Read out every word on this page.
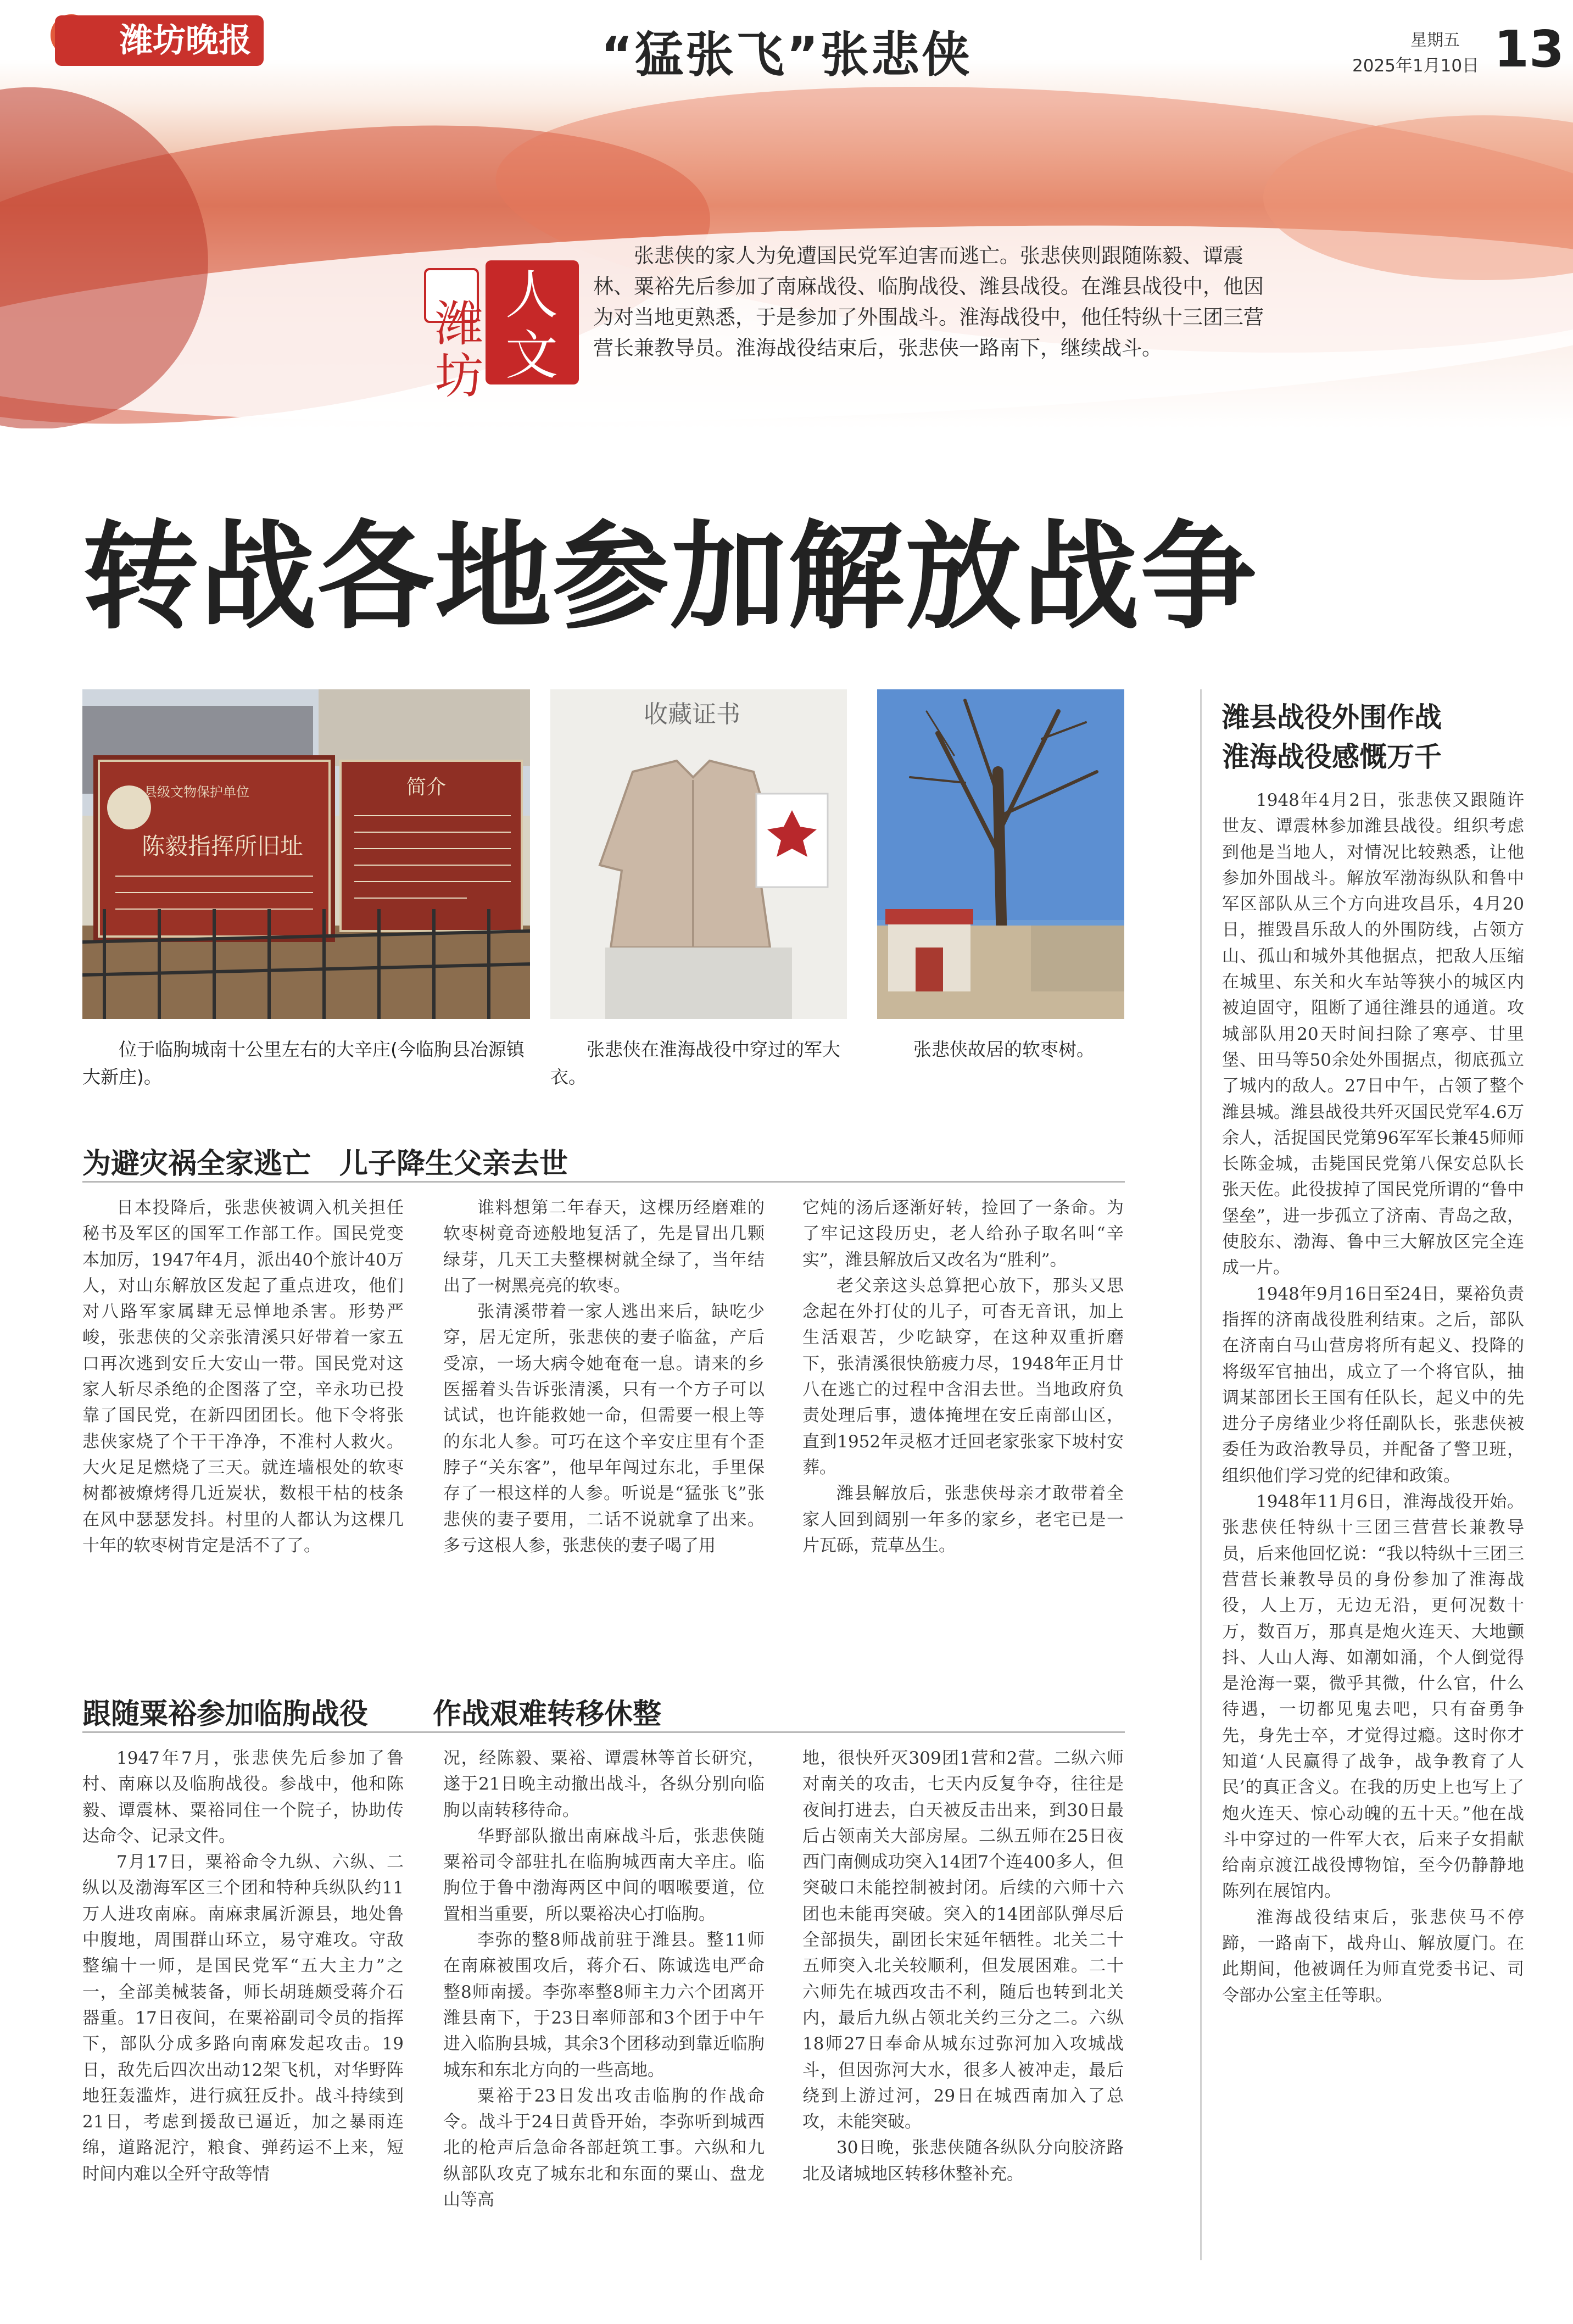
潍坊晚报	“猛张飞”张悲侠	星期五
2025年1月10日 13
潍
坊
人
文

张悲侠的家人为免遭国民党军迫害而逃亡。张悲侠则跟随陈毅、谭震林、粟裕先后参加了南麻战役、临朐战役、潍县战役。在潍县战役中，他因为对当地更熟悉，于是参加了外围战斗。淮海战役中，他任特纵十三团三营营长兼教导员。淮海战役结束后，张悲侠一路南下，继续战斗。

转战各地参加解放战争
县级文物保护单位
陈毅指挥所旧址
简介

位于临朐城南十公里左右的大辛庄(今临朐县冶源镇大新庄)。

收藏证书

张悲侠在淮海战役中穿过的军大衣。

张悲侠故居的软枣树。

为避灾祸全家逃亡　儿子降生父亲去世

日本投降后，张悲侠被调入机关担任秘书及军区的国军工作部工作。国民党变本加厉，1947年4月，派出40个旅计40万人，对山东解放区发起了重点进攻，他们对八路军家属肆无忌惮地杀害。形势严峻，张悲侠的父亲张清溪只好带着一家五口再次逃到安丘大安山一带。国民党对这家人斩尽杀绝的企图落了空，辛永功已投靠了国民党，在新四团团长。他下令将张悲侠家烧了个干干净净，不准村人救火。大火足足燃烧了三天。就连墙根处的软枣树都被燎烤得几近炭状，数根干枯的枝条在风中瑟瑟发抖。村里的人都认为这棵几十年的软枣树肯定是活不了了。

谁料想第二年春天，这棵历经磨难的软枣树竟奇迹般地复活了，先是冒出几颗绿芽，几天工夫整棵树就全绿了，当年结出了一树黑亮亮的软枣。

张清溪带着一家人逃出来后，缺吃少穿，居无定所，张悲侠的妻子临盆，产后受凉，一场大病令她奄奄一息。请来的乡医摇着头告诉张清溪，只有一个方子可以试试，也许能救她一命，但需要一根上等的东北人参。可巧在这个辛安庄里有个歪脖子“关东客”，他早年闯过东北，手里保存了一根这样的人参。听说是“猛张飞”张悲侠的妻子要用，二话不说就拿了出来。多亏这根人参，张悲侠的妻子喝了用

它炖的汤后逐渐好转，捡回了一条命。为了牢记这段历史，老人给孙子取名叫“辛实”，潍县解放后又改名为“胜利”。

老父亲这头总算把心放下，那头又思念起在外打仗的儿子，可杳无音讯，加上生活艰苦，少吃缺穿，在这种双重折磨下，张清溪很快筋疲力尽，1948年正月廿八在逃亡的过程中含泪去世。当地政府负责处理后事，遗体掩埋在安丘南部山区，直到1952年灵柩才迁回老家张家下坡村安葬。

潍县解放后，张悲侠母亲才敢带着全家人回到阔别一年多的家乡，老宅已是一片瓦砾，荒草丛生。

跟随粟裕参加临朐战役 作战艰难转移休整

1947年7月，张悲侠先后参加了鲁村、南麻以及临朐战役。参战中，他和陈毅、谭震林、粟裕同住一个院子，协助传达命令、记录文件。

7月17日，粟裕命令九纵、六纵、二纵以及渤海军区三个团和特种兵纵队约11万人进攻南麻。南麻隶属沂源县，地处鲁中腹地，周围群山环立，易守难攻。守敌整编十一师，是国民党军“五大主力”之一，全部美械装备，师长胡琏颇受蒋介石器重。17日夜间，在粟裕副司令员的指挥下，部队分成多路向南麻发起攻击。19日，敌先后四次出动12架飞机，对华野阵地狂轰滥炸，进行疯狂反扑。战斗持续到21日，考虑到援敌已逼近，加之暴雨连绵，道路泥泞，粮食、弹药运不上来，短时间内难以全歼守敌等情

况，经陈毅、粟裕、谭震林等首长研究，遂于21日晚主动撤出战斗，各纵分别向临朐以南转移待命。

华野部队撤出南麻战斗后，张悲侠随粟裕司令部驻扎在临朐城西南大辛庄。临朐位于鲁中渤海两区中间的咽喉要道，位置相当重要，所以粟裕决心打临朐。

李弥的整8师战前驻于潍县。整11师在南麻被围攻后，蒋介石、陈诚选电严命整8师南援。李弥率整8师主力六个团离开潍县南下，于23日率师部和3个团于中午进入临朐县城，其余3个团移动到靠近临朐城东和东北方向的一些高地。

粟裕于23日发出攻击临朐的作战命令。战斗于24日黄昏开始，李弥听到城西北的枪声后急命各部赶筑工事。六纵和九纵部队攻克了城东北和东面的粟山、盘龙山等高

地，很快歼灭309团1营和2营。二纵六师对南关的攻击，七天内反复争夺，往往是夜间打进去，白天被反击出来，到30日最后占领南关大部房屋。二纵五师在25日夜西门南侧成功突入14团7个连400多人，但突破口未能控制被封闭。后续的六师十六团也未能再突破。突入的14团部队弹尽后全部损失，副团长宋延年牺牲。北关二十五师突入北关较顺利，但发展困难。二十六师先在城西攻击不利，随后也转到北关内，最后九纵占领北关约三分之二。六纵18师27日奉命从城东过弥河加入攻城战斗，但因弥河大水，很多人被冲走，最后绕到上游过河，29日在城西南加入了总攻，未能突破。

30日晚，张悲侠随各纵队分向胶济路北及诸城地区转移休整补充。

潍县战役外围作战
淮海战役感慨万千

1948年4月2日，张悲侠又跟随许世友、谭震林参加潍县战役。组织考虑到他是当地人，对情况比较熟悉，让他参加外围战斗。解放军渤海纵队和鲁中军区部队从三个方向进攻昌乐，4月20日，摧毁昌乐敌人的外围防线，占领方山、孤山和城外其他据点，把敌人压缩在城里、东关和火车站等狭小的城区内被迫固守，阻断了通往潍县的通道。攻城部队用20天时间扫除了寒亭、甘里堡、田马等50余处外围据点，彻底孤立了城内的敌人。27日中午，占领了整个潍县城。潍县战役共歼灭国民党军4.6万余人，活捉国民党第96军军长兼45师师长陈金城，击毙国民党第八保安总队长张天佐。此役拔掉了国民党所谓的“鲁中堡垒”，进一步孤立了济南、青岛之敌，使胶东、渤海、鲁中三大解放区完全连成一片。

1948年9月16日至24日，粟裕负责指挥的济南战役胜利结束。之后，部队在济南白马山营房将所有起义、投降的将级军官抽出，成立了一个将官队，抽调某部团长王国有任队长，起义中的先进分子房绪业少将任副队长，张悲侠被委任为政治教导员，并配备了警卫班，组织他们学习党的纪律和政策。

1948年11月6日，淮海战役开始。张悲侠任特纵十三团三营营长兼教导员，后来他回忆说：“我以特纵十三团三营营长兼教导员的身份参加了淮海战役，人上万，无边无沿，更何况数十万，数百万，那真是炮火连天、大地颤抖、人山人海、如潮如涌，个人倒觉得是沧海一粟，微乎其微，什么官，什么待遇，一切都见鬼去吧，只有奋勇争先，身先士卒，才觉得过瘾。这时你才知道‘人民赢得了战争，战争教育了人民’的真正含义。在我的历史上也写上了炮火连天、惊心动魄的五十天。”他在战斗中穿过的一件军大衣，后来子女捐献给南京渡江战役博物馆，至今仍静静地陈列在展馆内。

淮海战役结束后，张悲侠马不停蹄，一路南下，战舟山、解放厦门。在此期间，他被调任为师直党委书记、司令部办公室主任等职。
